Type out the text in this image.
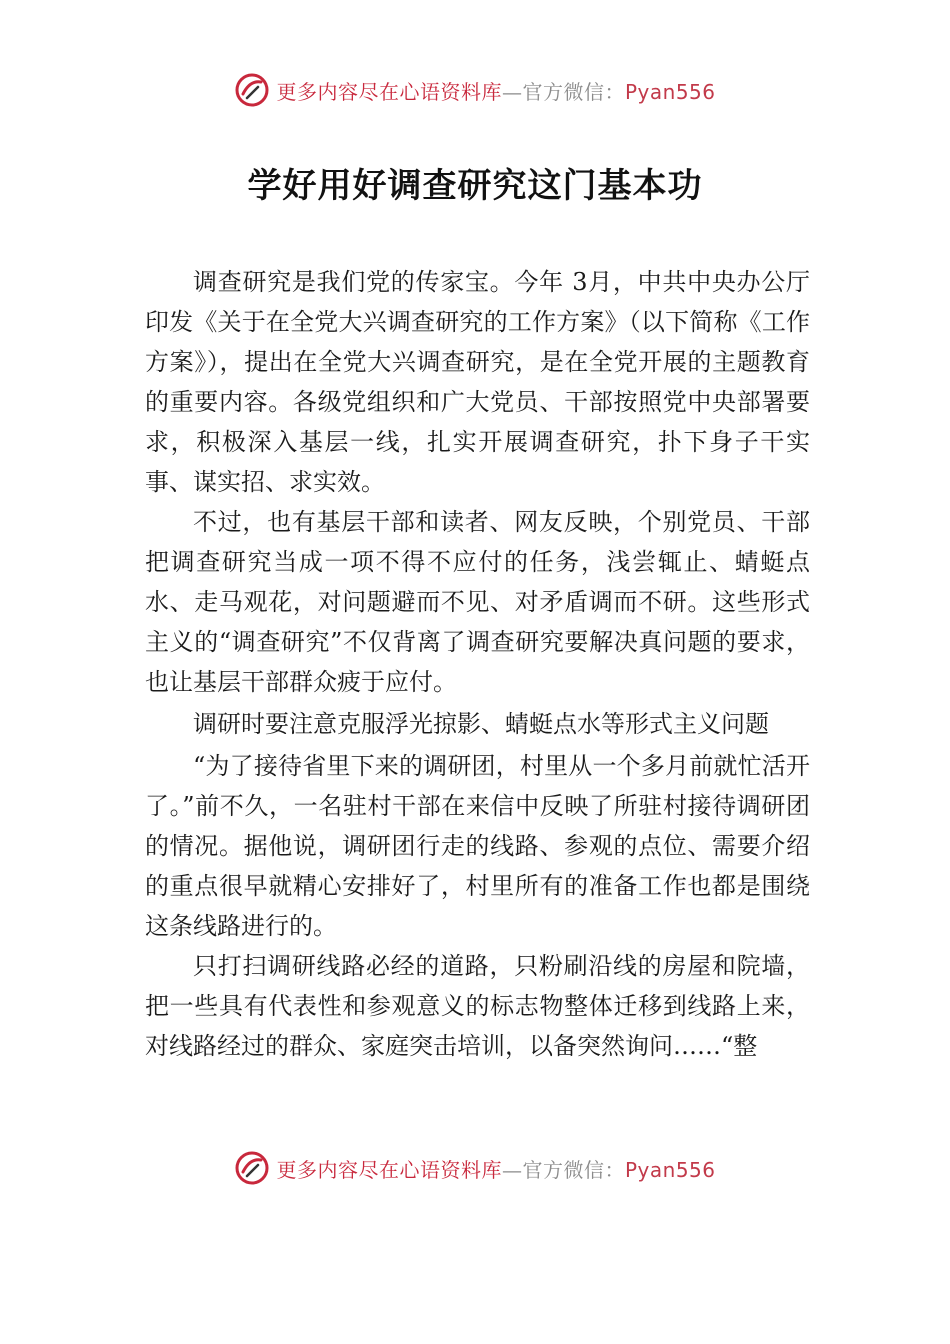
更多内容尽在心语资料库—官方微信：Pyan556
学好用好调查研究这门基本功

调查研究是我们党的传家宝。今年 3月，中共中央办公厅印发《关于在全党大兴调查研究的工作方案》（以下简称《工作方案》），提出在全党大兴调查研究，是在全党开展的主题教育的重要内容。各级党组织和广大党员、干部按照党中央部署要求，积极深入基层一线，扎实开展调查研究，扑下身子干实事、谋实招、求实效。

不过，也有基层干部和读者、网友反映，个别党员、干部把调查研究当成一项不得不应付的任务，浅尝辄止、蜻蜓点水、走马观花，对问题避而不见、对矛盾调而不研。这些形式主义的“调查研究”不仅背离了调查研究要解决真问题的要求，也让基层干部群众疲于应付。

调研时要注意克服浮光掠影、蜻蜓点水等形式主义问题

“为了接待省里下来的调研团，村里从一个多月前就忙活开了。”前不久，一名驻村干部在来信中反映了所驻村接待调研团的情况。据他说，调研团行走的线路、参观的点位、需要介绍的重点很早就精心安排好了，村里所有的准备工作也都是围绕这条线路进行的。

只打扫调研线路必经的道路，只粉刷沿线的房屋和院墙，把一些具有代表性和参观意义的标志物整体迁移到线路上来，对线路经过的群众、家庭突击培训，以备突然询问……“整

更多内容尽在心语资料库—官方微信：Pyan556
